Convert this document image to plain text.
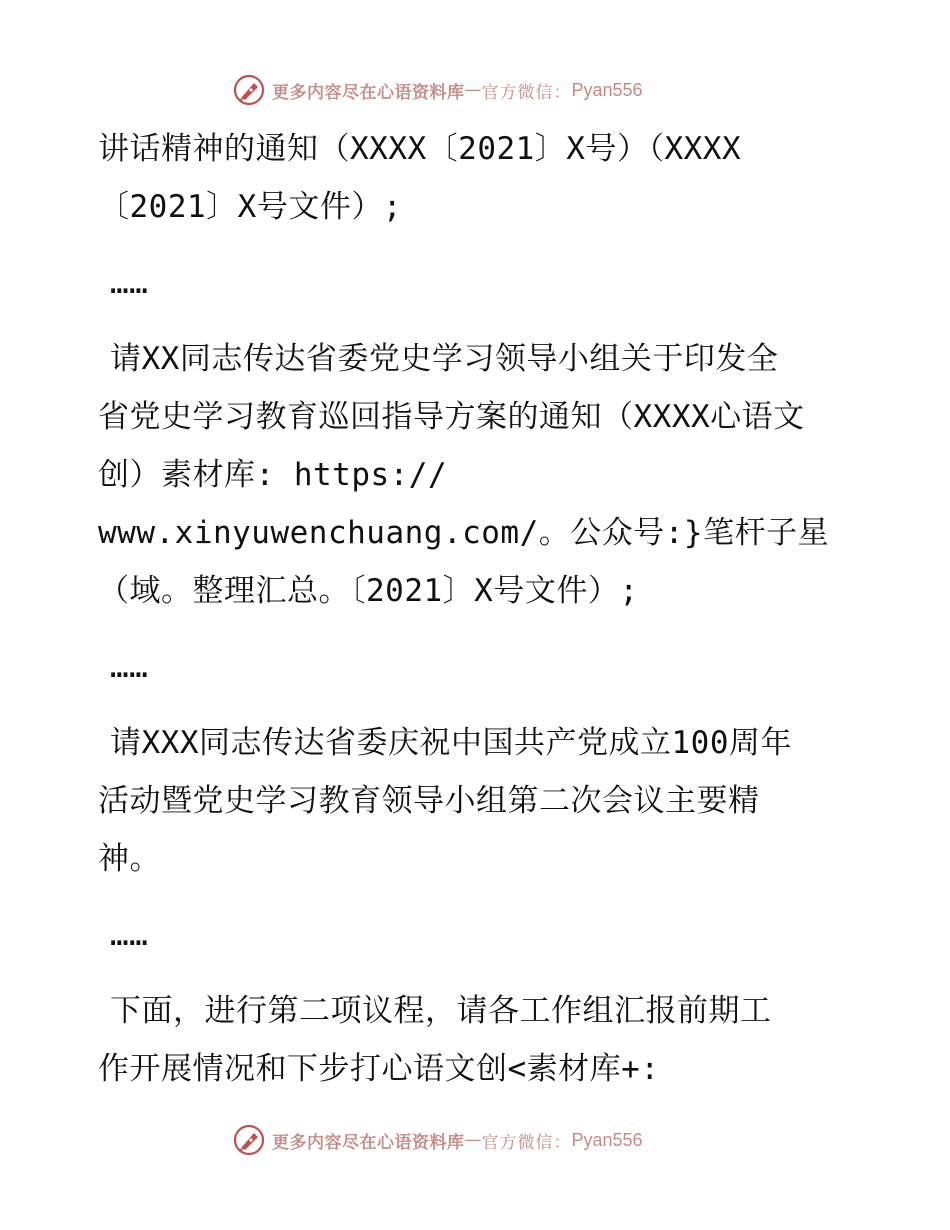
更多内容尽在心语资料库 — 官方微信： Pyan556
讲话精神的通知（XXXX〔2021〕X号）（XXXX
〔2021〕X号文件）;
……
请XX同志传达省委党史学习领导小组关于印发全
省党史学习教育巡回指导方案的通知（XXXX心语文
创）素材库: https://
www.xinyuwenchuang.com/。公众号:}笔杆子星
（域。整理汇总。〔2021〕X号文件）;
……
请XXX同志传达省委庆祝中国共产党成立100周年
活动暨党史学习教育领导小组第二次会议主要精
神。
……
下面，进行第二项议程，请各工作组汇报前期工
作开展情况和下步打心语文创<素材库+:
更多内容尽在心语资料库 — 官方微信： Pyan556
